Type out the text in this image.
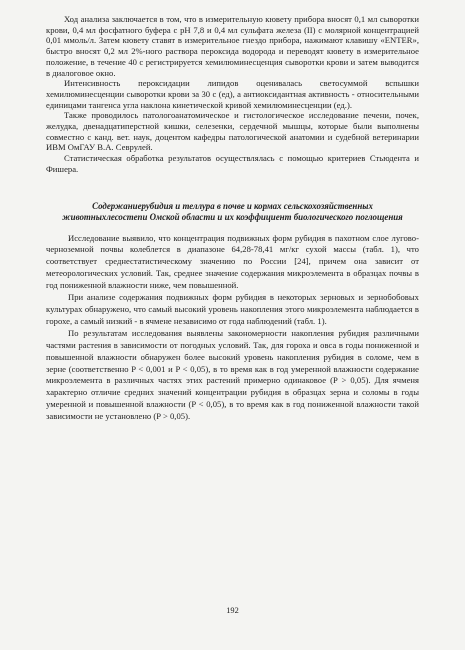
Ход анализа заключается в том, что в измерительную кювету прибора вносят 0,1 мл сыворотки крови, 0,4 мл фосфатного буфера с pH 7,8 и 0,4 мл сульфата железа (II) с молярной концентрацией 0,01 ммоль/л. Затем кювету ставят в измерительное гнездо прибора, нажимают клавишу «ENTER», быстро вносят 0,2 мл 2%-ного раствора пероксида водорода и переводят кювету в измерительное положение, в течение 40 с регистрируется хемилюминесценция сыворотки крови и затем выводится в диалоговое окно.

Интенсивность пероксидации липидов оценивалась светосуммой вспышки хемилюминесценции сыворотки крови за 30 с (ед), а антиоксидантная активность - относительными единицами тангенса угла наклона кинетической кривой хемилюминесценции (ед.).

Также проводилось патологоанатомическое и гистологическое исследование печени, почек, желудка, двенадцатиперстной кишки, селезенки, сердечной мышцы, которые были выполнены совместно с канд. вет. наук, доцентом кафедры патологической анатомии и судебной ветеринарии ИВМ ОмГАУ В.А. Севрулей.

Статистическая обработка результатов осуществлялась с помощью критериев Стьюдента и Фишера.

Содержаниерубидия и теллура в почве и кормах сельскохозяйственных животныхлесостепи Омской области и их коэффициент биологического поглощения

Исследование выявило, что концентрация подвижных форм рубидия в пахотном слое лугово-черноземной почвы колеблется в диапазоне 64,28-78,41 мг/кг сухой массы (табл. 1), что соответствует среднестатистическому значению по России [24], причем она зависит от метеорологических условий. Так, среднее значение содержания микроэлемента в образцах почвы в год пониженной влажности ниже, чем повышенной.

При анализе содержания подвижных форм рубидия в некоторых зерновых и зернобобовых культурах обнаружено, что самый высокий уровень накопления этого микроэлемента наблюдается в горохе, а самый низкий - в ячмене независимо от года наблюдений (табл. 1).

По результатам исследования выявлены закономерности накопления рубидия различными частями растения в зависимости от погодных условий. Так, для гороха и овса в годы пониженной и повышенной влажности обнаружен более высокий уровень накопления рубидия в соломе, чем в зерне (соответственно P < 0,001 и P < 0,05), в то время как в год умеренной влажности содержание микроэлемента в различных частях этих растений примерно одинаковое (P > 0,05). Для ячменя характерно отличие средних значений концентрации рубидия в образцах зерна и соломы в годы умеренной и повышенной влажности (P < 0,05), в то время как в год пониженной влажности такой зависимости не установлено (P > 0,05).

192
